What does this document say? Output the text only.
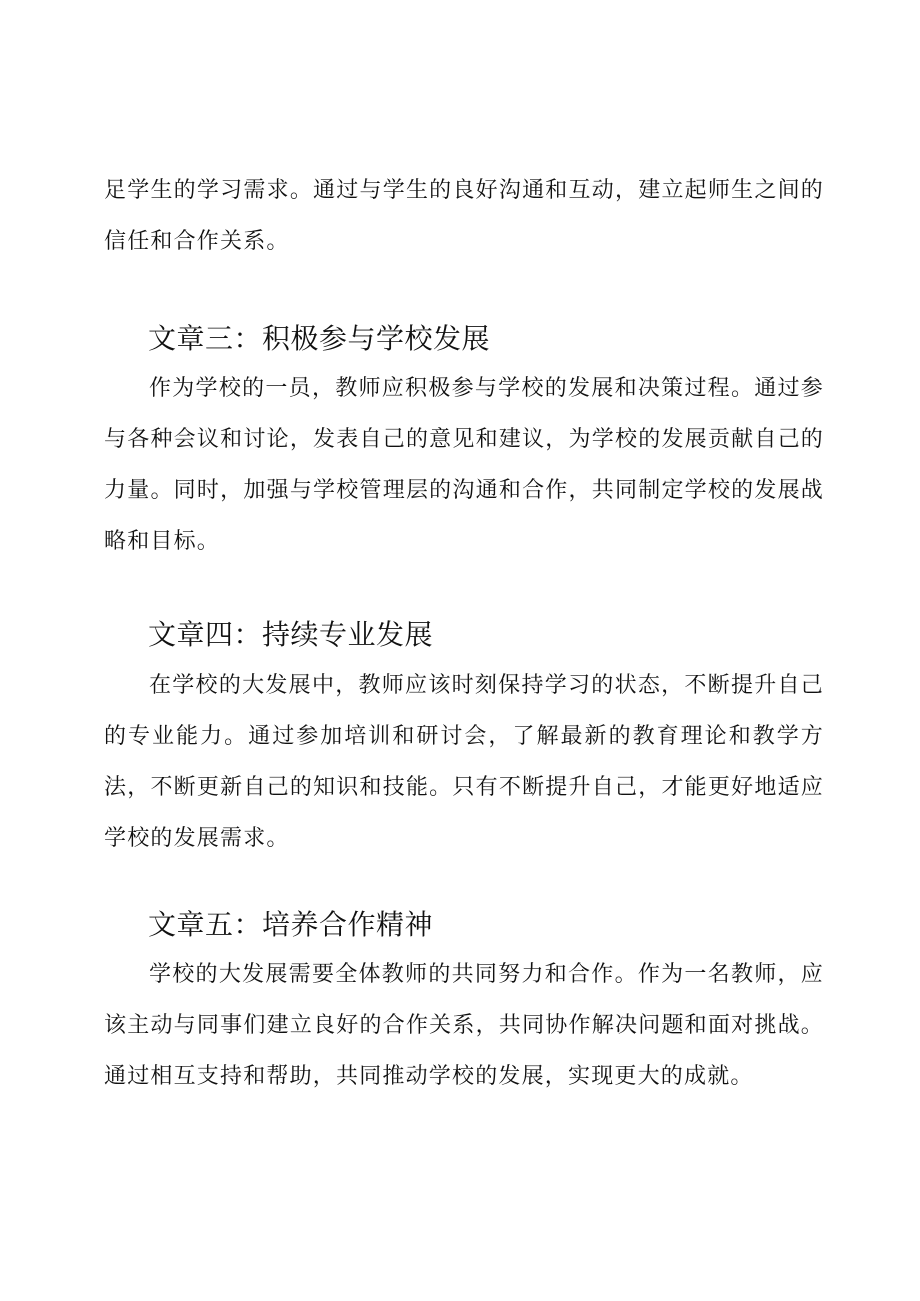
足学生的学习需求。通过与学生的良好沟通和互动，建立起师生之间的信任和合作关系。

文章三：积极参与学校发展

作为学校的一员，教师应积极参与学校的发展和决策过程。通过参与各种会议和讨论，发表自己的意见和建议，为学校的发展贡献自己的力量。同时，加强与学校管理层的沟通和合作，共同制定学校的发展战略和目标。

文章四：持续专业发展

在学校的大发展中，教师应该时刻保持学习的状态，不断提升自己的专业能力。通过参加培训和研讨会，了解最新的教育理论和教学方法，不断更新自己的知识和技能。只有不断提升自己，才能更好地适应学校的发展需求。

文章五：培养合作精神

学校的大发展需要全体教师的共同努力和合作。作为一名教师，应该主动与同事们建立良好的合作关系，共同协作解决问题和面对挑战。通过相互支持和帮助，共同推动学校的发展，实现更大的成就。
